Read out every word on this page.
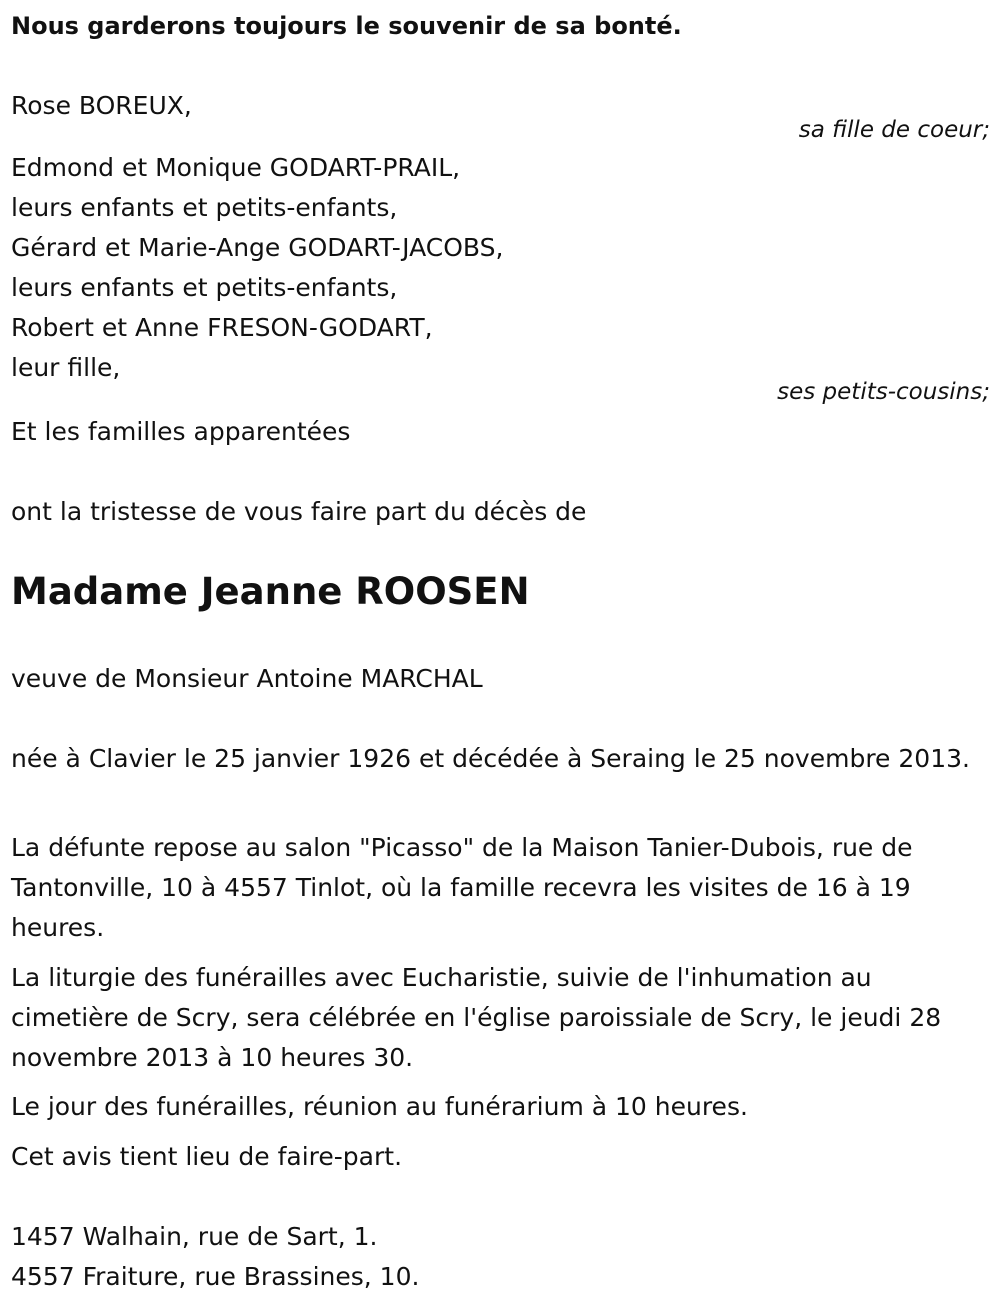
Nous garderons toujours le souvenir de sa bonté.
Rose BOREUX,
sa fille de coeur;
Edmond et Monique GODART-PRAIL,
leurs enfants et petits-enfants,
Gérard et Marie-Ange GODART-JACOBS,
leurs enfants et petits-enfants,
Robert et Anne FRESON-GODART,
leur fille,
ses petits-cousins;
Et les familles apparentées
ont la tristesse de vous faire part du décès de
Madame Jeanne ROOSEN
veuve de Monsieur Antoine MARCHAL
née à Clavier le 25 janvier 1926 et décédée à Seraing le 25 novembre 2013.
La défunte repose au salon "Picasso" de la Maison Tanier-Dubois, rue de Tantonville, 10 à 4557 Tinlot, où la famille recevra les visites de 16 à 19 heures.
La liturgie des funérailles avec Eucharistie, suivie de l'inhumation au cimetière de Scry, sera célébrée en l'église paroissiale de Scry, le jeudi 28 novembre 2013 à 10 heures 30.
Le jour des funérailles, réunion au funérarium à 10 heures.
Cet avis tient lieu de faire-part.
1457 Walhain, rue de Sart, 1.
4557 Fraiture, rue Brassines, 10.
